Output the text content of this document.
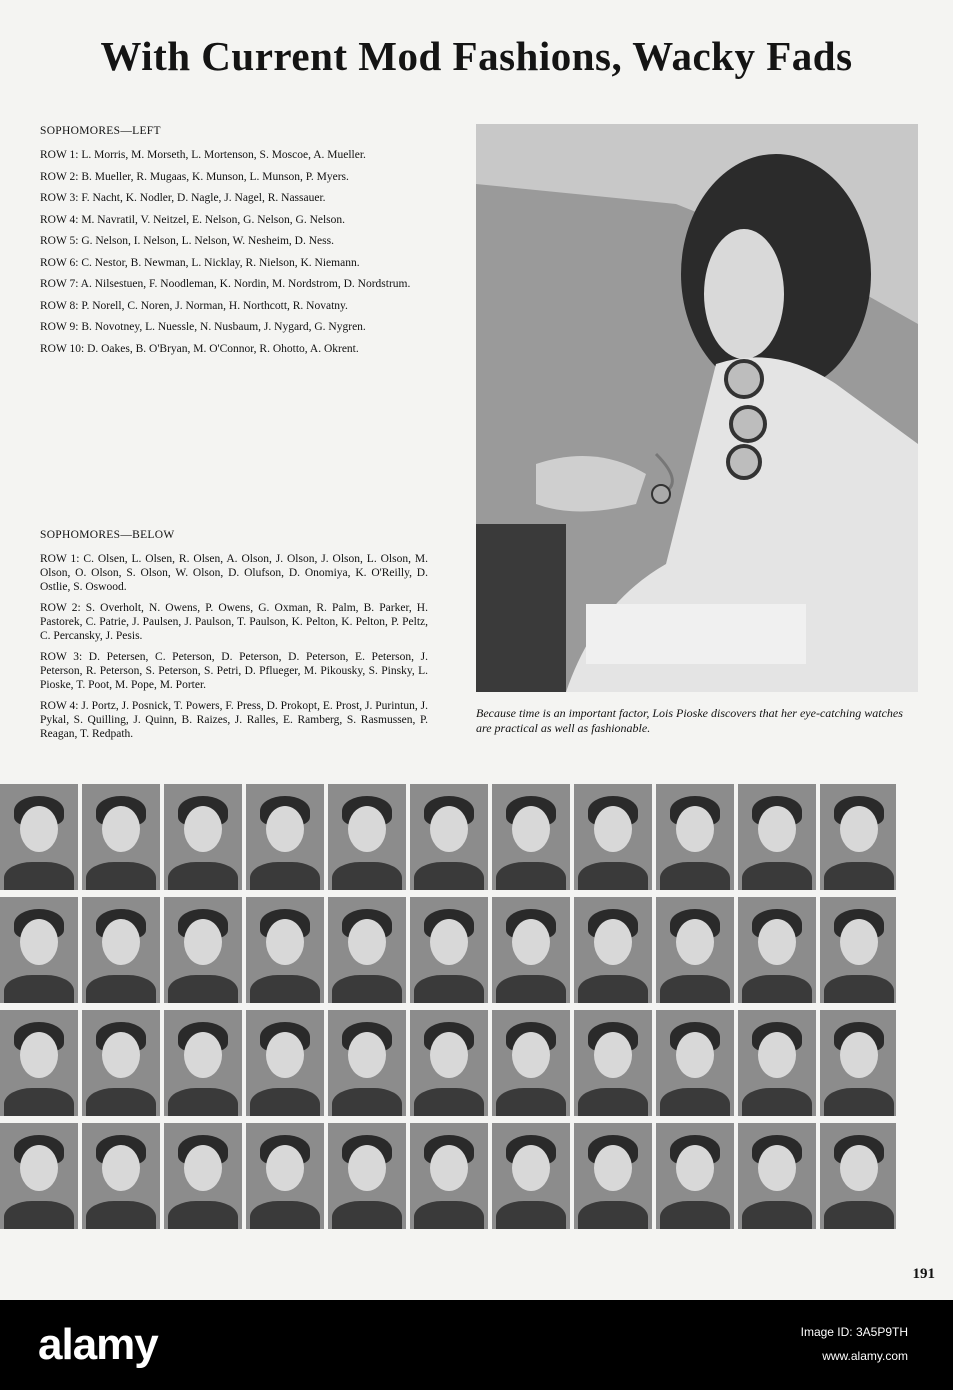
With Current Mod Fashions, Wacky Fads
SOPHOMORES—LEFT
ROW 1: L. Morris, M. Morseth, L. Mortenson, S. Moscoe, A. Mueller.
ROW 2: B. Mueller, R. Mugaas, K. Munson, L. Munson, P. Myers.
ROW 3: F. Nacht, K. Nodler, D. Nagle, J. Nagel, R. Nassauer.
ROW 4: M. Navratil, V. Neitzel, E. Nelson, G. Nelson, G. Nelson.
ROW 5: G. Nelson, I. Nelson, L. Nelson, W. Nesheim, D. Ness.
ROW 6: C. Nestor, B. Newman, L. Nicklay, R. Nielson, K. Niemann.
ROW 7: A. Nilsestuen, F. Noodleman, K. Nordin, M. Nordstrom, D. Nordstrum.
ROW 8: P. Norell, C. Noren, J. Norman, H. Northcott, R. Novatny.
ROW 9: B. Novotney, L. Nuessle, N. Nusbaum, J. Nygard, G. Nygren.
ROW 10: D. Oakes, B. O'Bryan, M. O'Connor, R. Ohotto, A. Okrent.
SOPHOMORES—BELOW
ROW 1: C. Olsen, L. Olsen, R. Olsen, A. Olson, J. Olson, J. Olson, L. Olson, M. Olson, O. Olson, S. Olson, W. Olson, D. Olufson, D. Onomiya, K. O'Reilly, D. Ostlie, S. Oswood.
ROW 2: S. Overholt, N. Owens, P. Owens, G. Oxman, R. Palm, B. Parker, H. Pastorek, C. Patrie, J. Paulsen, J. Paulson, T. Paulson, K. Pelton, K. Pelton, P. Peltz, C. Percansky, J. Pesis.
ROW 3: D. Petersen, C. Peterson, D. Peterson, D. Peterson, E. Peterson, J. Peterson, R. Peterson, S. Peterson, S. Petri, D. Pflueger, M. Pikousky, S. Pinsky, L. Pioske, T. Poot, M. Pope, M. Porter.
ROW 4: J. Portz, J. Posnick, T. Powers, F. Press, D. Prokopt, E. Prost, J. Purintun, J. Pykal, S. Quilling, J. Quinn, B. Raizes, J. Ralles, E. Ramberg, S. Rasmussen, P. Reagan, T. Redpath.
Because time is an important factor, Lois Pioske discovers that her eye-catching watches are practical as well as fashionable.
191
alamy	Image ID: 3A5P9TH
www.alamy.com
